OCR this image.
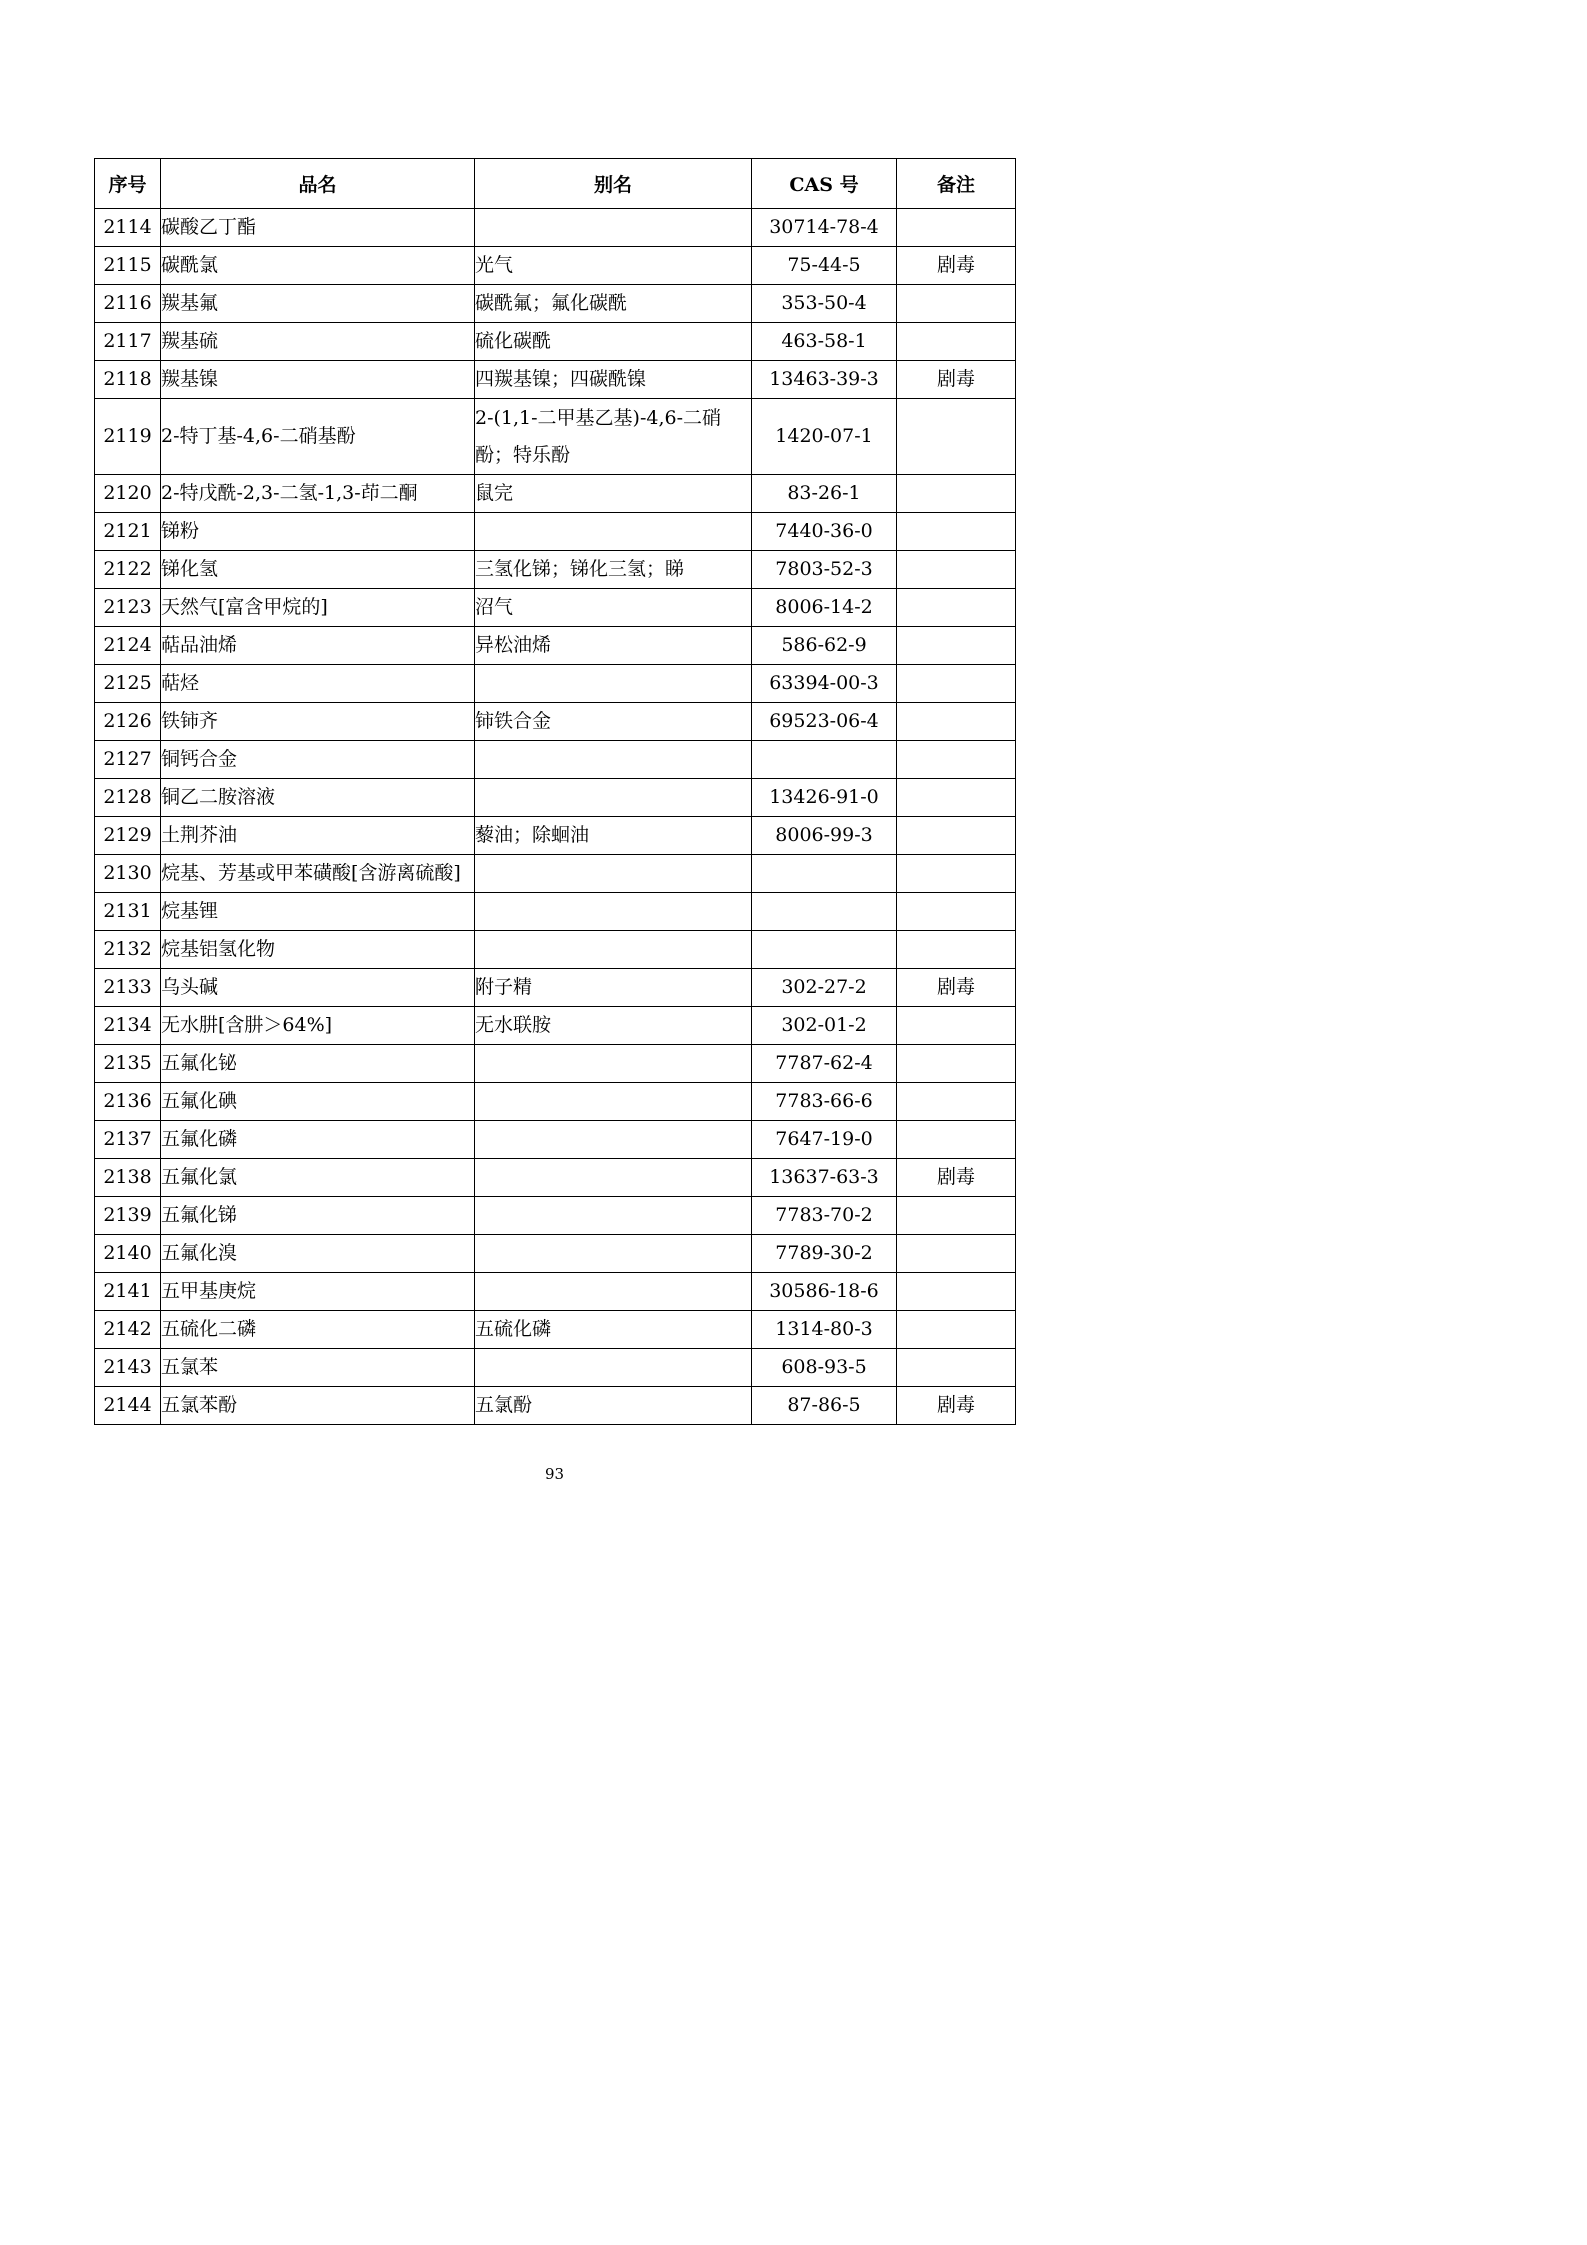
序号	品名	别名	CAS 号	备注
2114	碳酸乙丁酯		30714-78-4	
2115	碳酰氯	光气	75-44-5	剧毒
2116	羰基氟	碳酰氟；氟化碳酰	353-50-4	
2117	羰基硫	硫化碳酰	463-58-1	
2118	羰基镍	四羰基镍；四碳酰镍	13463-39-3	剧毒
2119	2-特丁基-4,6-二硝基酚	2-(1,1-二甲基乙基)-4,6-二硝酚；特乐酚	1420-07-1	
2120	2-特戊酰-2,3-二氢-1,3-茚二酮	鼠完	83-26-1	
2121	锑粉		7440-36-0	
2122	锑化氢	三氢化锑；锑化三氢；睇	7803-52-3	
2123	天然气[富含甲烷的]	沼气	8006-14-2	
2124	萜品油烯	异松油烯	586-62-9	
2125	萜烃		63394-00-3	
2126	铁铈齐	铈铁合金	69523-06-4	
2127	铜钙合金			
2128	铜乙二胺溶液		13426-91-0	
2129	土荆芥油	藜油；除蛔油	8006-99-3	
2130	烷基、芳基或甲苯磺酸[含游离硫酸]			
2131	烷基锂			
2132	烷基铝氢化物			
2133	乌头碱	附子精	302-27-2	剧毒
2134	无水肼[含肼＞64%]	无水联胺	302-01-2	
2135	五氟化铋		7787-62-4	
2136	五氟化碘		7783-66-6	
2137	五氟化磷		7647-19-0	
2138	五氟化氯		13637-63-3	剧毒
2139	五氟化锑		7783-70-2	
2140	五氟化溴		7789-30-2	
2141	五甲基庚烷		30586-18-6	
2142	五硫化二磷	五硫化磷	1314-80-3	
2143	五氯苯		608-93-5	
2144	五氯苯酚	五氯酚	87-86-5	剧毒
93
